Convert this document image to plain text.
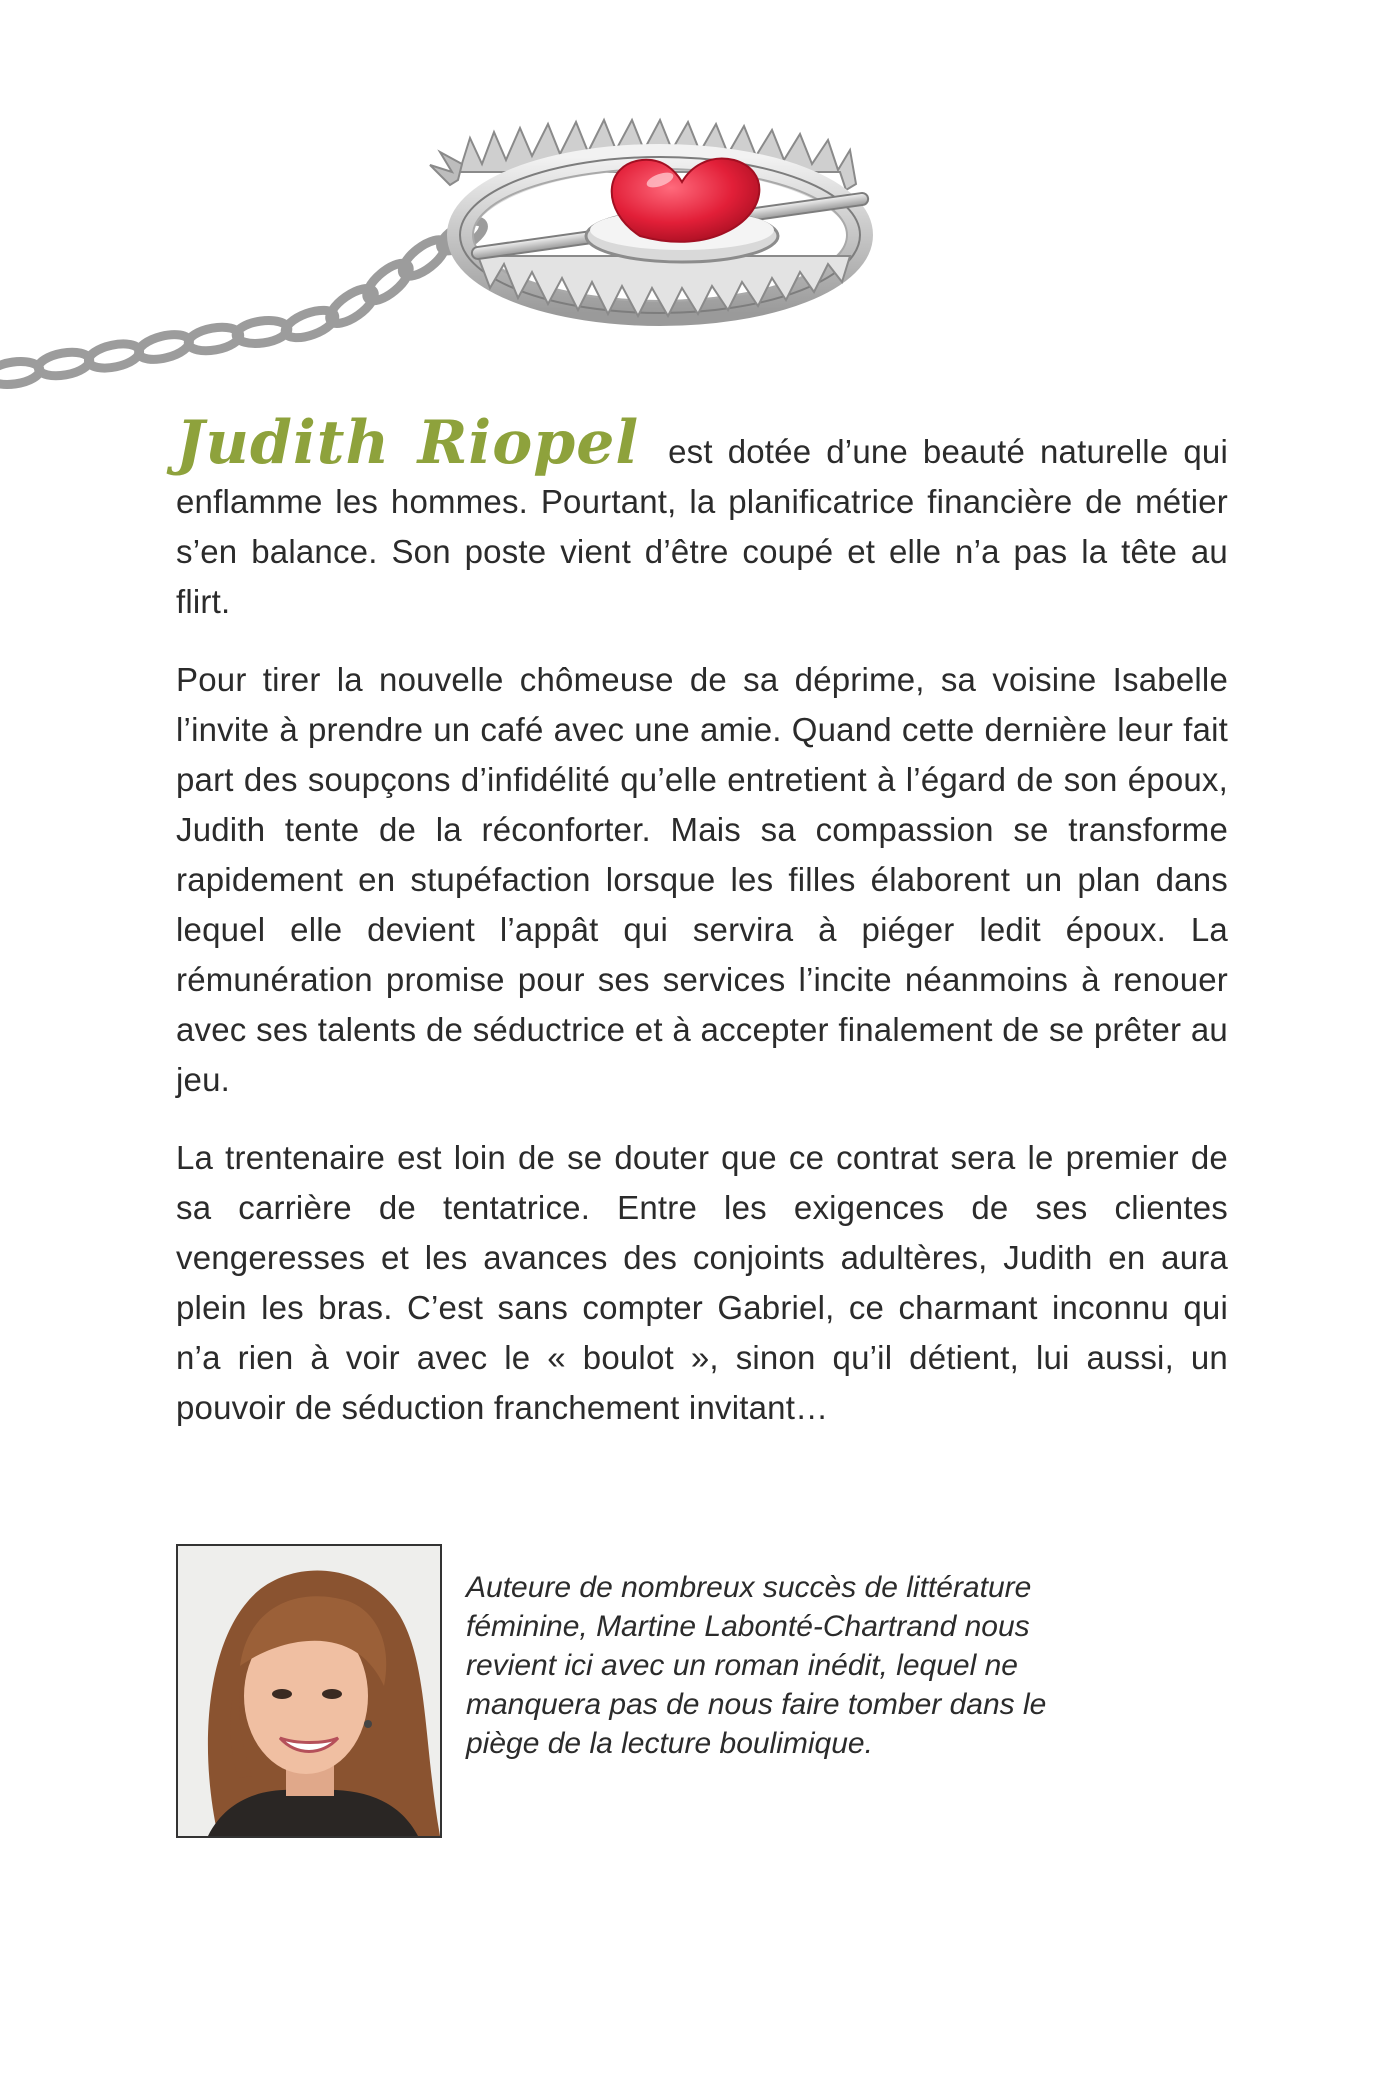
Judith Riopel est dotée d’une beauté naturelle qui enflamme les hommes. Pourtant, la planificatrice financière de métier s’en balance. Son poste vient d’être coupé et elle n’a pas la tête au flirt.

Pour tirer la nouvelle chômeuse de sa déprime, sa voisine Isabelle l’invite à prendre un café avec une amie. Quand cette dernière leur fait part des soupçons d’infidélité qu’elle entretient à l’égard de son époux, Judith tente de la réconforter. Mais sa compassion se transforme rapidement en stupéfaction lorsque les filles élaborent un plan dans lequel elle devient l’appât qui servira à piéger ledit époux. La rémunération promise pour ses services l’incite néanmoins à renouer avec ses talents de séductrice et à accepter finalement de se prêter au jeu.

La trentenaire est loin de se douter que ce contrat sera le premier de sa carrière de tentatrice. Entre les exigences de ses clientes vengeresses et les avances des conjoints adultères, Judith en aura plein les bras. C’est sans compter Gabriel, ce charmant inconnu qui n’a rien à voir avec le « boulot », sinon qu’il détient, lui aussi, un pouvoir de séduction franchement invitant…

Auteure de nombreux succès de littérature féminine, Martine Labonté-Chartrand nous revient ici avec un roman inédit, lequel ne manquera pas de nous faire tomber dans le piège de la lecture boulimique.
